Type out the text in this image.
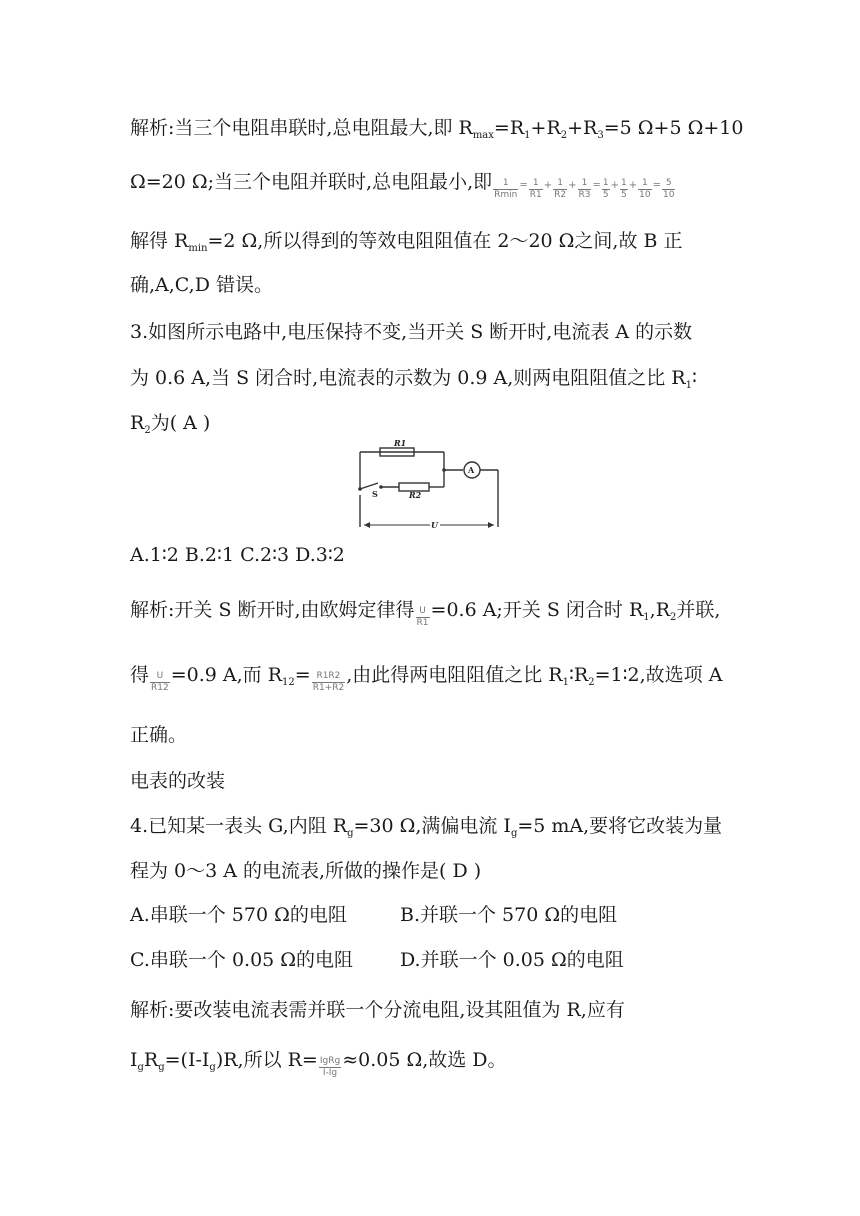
解析:当三个电阻串联时,总电阻最大,即 $R_{max}=R_1+R_2+R_3=5$ Ω+5 Ω+10
Ω=20 Ω;当三个电阻并联时,总电阻最小,即 $\frac{1}{Rmin} = \frac{1}{R1} + \frac{1}{R2} + \frac{1}{R3} = \frac{1}{5} + \frac{1}{5} + \frac{1}{10} = \frac{5}{10}$
解得 $R_{min}=2$ Ω,所以得到的等效电阻阻值在 2～20 Ω之间,故 B 正
确,A,C,D 错误。
3.如图所示电路中,电压保持不变,当开关 S 断开时,电流表 A 的示数
为 0.6 A,当 S 闭合时,电流表的示数为 0.9 A,则两电阻阻值之比 $R_1∶$
$R_2$为( A )
R1
R2
S
A
U
A.1∶2 B.2∶1 C.2∶3 D.3∶2
解析:开关 S 断开时,由欧姆定律得 $\frac{U}{R1} =0.6$ A;开关 S 闭合时 $R_1,R_2$并联,
得 $\frac{U}{R12} =0.9$ A,而 $R_{12}= \frac{R1R2}{R1+R2}$ ,由此得两电阻阻值之比 $R_1∶R_2=1∶2$,故选项 A
正确。
电表的改装
4.已知某一表头 G,内阻 $R_g=30$ Ω,满偏电流 $I_g=5$ mA,要将它改装为量
程为 0～3 A 的电流表,所做的操作是( D )
A.串联一个 570 Ω的电阻	B.并联一个 570 Ω的电阻
C.串联一个 0.05 Ω的电阻 D.并联一个 0.05 Ω的电阻
解析:要改装电流表需并联一个分流电阻,设其阻值为 R,应有
$I_gR_g=(I-I_g)R$,所以 $R= \frac{\text{IgRg}}{I-Ig} \approx 0.05$ Ω,故选 D。
